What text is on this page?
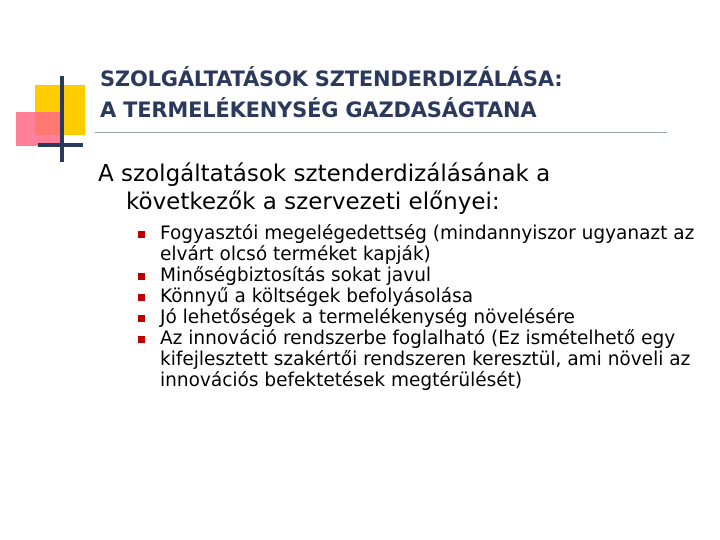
SZOLGÁLTATÁSOK SZTENDERDIZÁLÁSA:
A TERMELÉKENYSÉG GAZDASÁGTANA
A szolgáltatások sztenderdizálásának a
következők a szervezeti előnyei:
Fogyasztói megelégedettség (mindannyiszor ugyanazt az elvárt olcsó terméket kapják)
Minőségbiztosítás sokat javul
Könnyű a költségek befolyásolása
Jó lehetőségek a termelékenység növelésére
Az innováció rendszerbe foglalható (Ez ismételhető egy kifejlesztett szakértői rendszeren keresztül, ami növeli az innovációs befektetések megtérülését)
